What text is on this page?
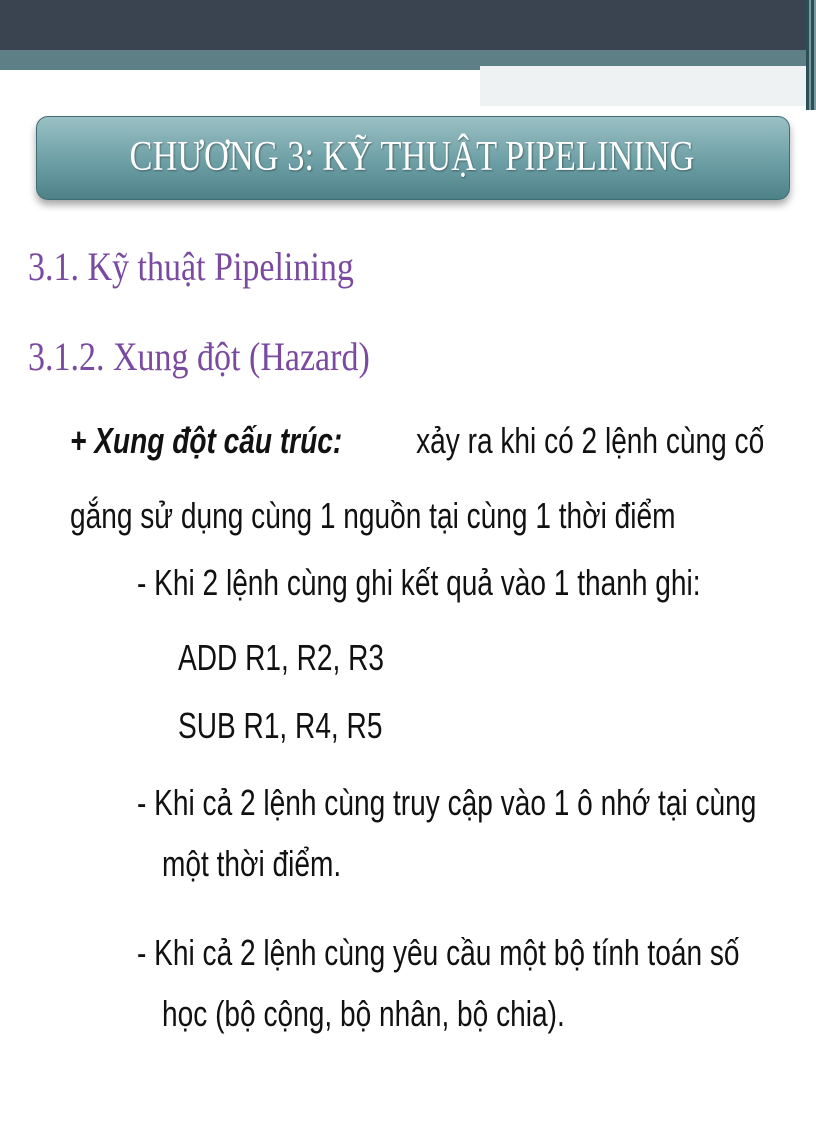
CHƯƠNG 3: KỸ THUẬT PIPELINING
3.1. Kỹ thuật Pipelining
3.1.2. Xung đột (Hazard)
+ Xung đột cấu trúc: xảy ra khi có 2 lệnh cùng cố
gắng sử dụng cùng 1 nguồn tại cùng 1 thời điểm
- Khi 2 lệnh cùng ghi kết quả vào 1 thanh ghi:
ADD R1, R2, R3
SUB R1, R4, R5
- Khi cả 2 lệnh cùng truy cập vào 1 ô nhớ tại cùng
một thời điểm.
- Khi cả 2 lệnh cùng yêu cầu một bộ tính toán số
học (bộ cộng, bộ nhân, bộ chia).
